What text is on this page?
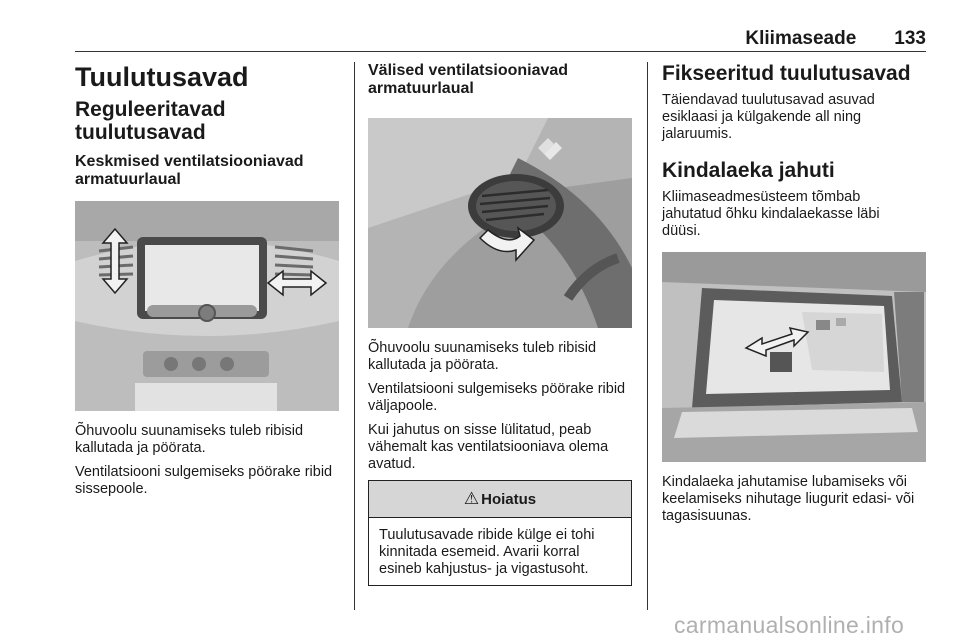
Kliimaseade 133
Tuulutusavad
Reguleeritavad tuulutusavad
Keskmised ventilatsiooniavad armatuurlaual
Õhuvoolu suunamiseks tuleb ribisid kallutada ja pöörata.
Ventilatsiooni sulgemiseks pöörake ribid sissepoole.
Välised ventilatsiooniavad armatuurlaual
Õhuvoolu suunamiseks tuleb ribisid kallutada ja pöörata.
Ventilatsiooni sulgemiseks pöörake ribid väljapoole.
Kui jahutus on sisse lülitatud, peab vähemalt kas ventilatsiooniava olema avatud.
⚠ Hoiatus
Tuulutusavade ribide külge ei tohi kinnitada esemeid. Avarii korral esineb kahjustus- ja vigastusoht.
Fikseeritud tuulutusavad
Täiendavad tuulutusavad asuvad esiklaasi ja külgakende all ning jalaruumis.
Kindalaeka jahuti
Kliimaseadmesüsteem tõmbab jahutatud õhku kindalaekasse läbi düüsi.
Kindalaeka jahutamise lubamiseks või keelamiseks nihutage liugurit edasi- või tagasisuunas.
carmanualsonline.info
